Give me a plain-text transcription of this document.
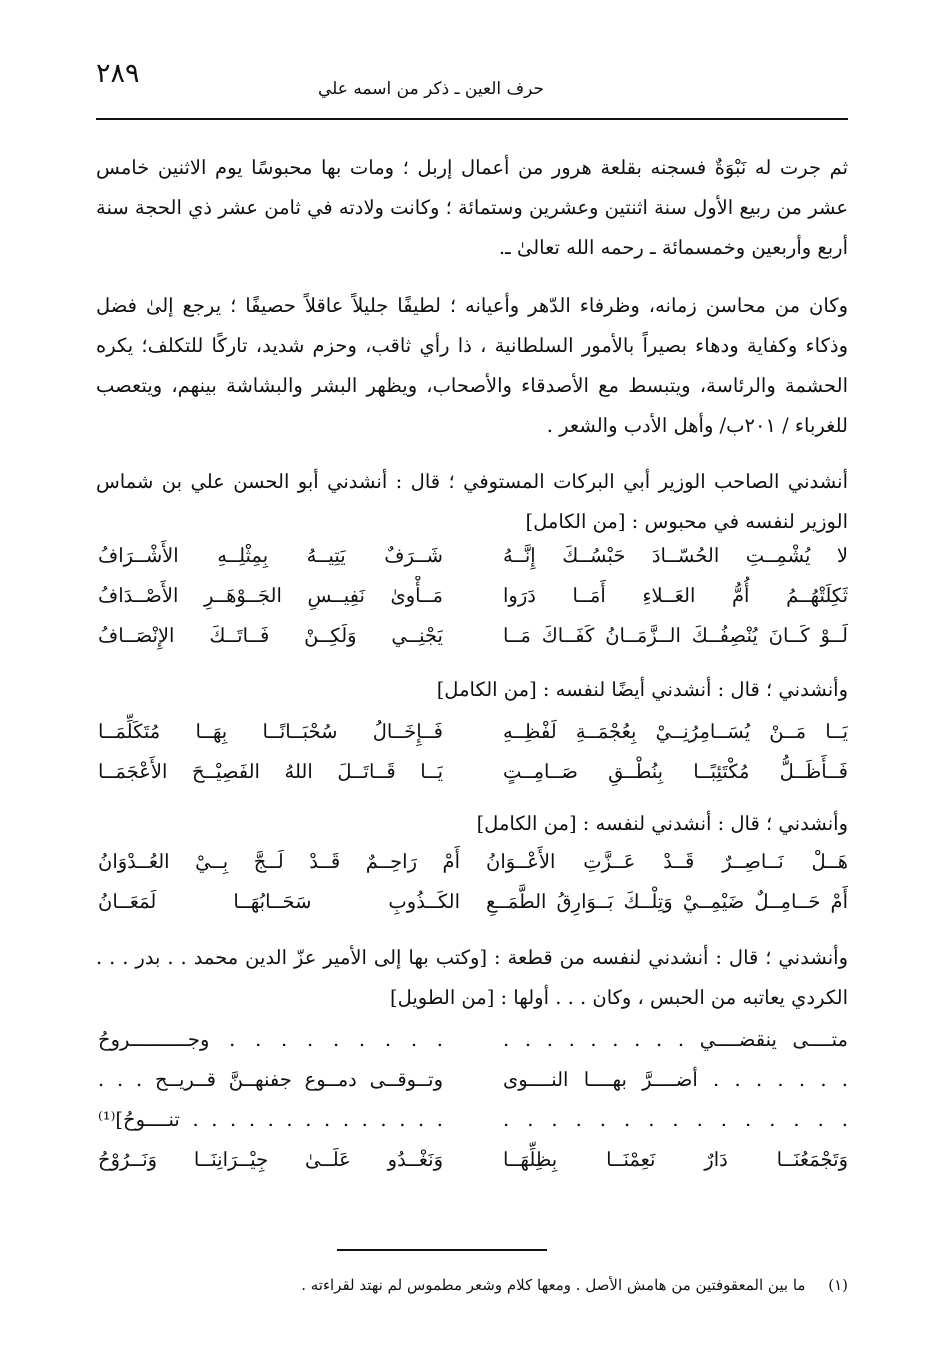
٢٨٩	حرف العين ـ ذكر من اسمه علي

ثم جرت له نَبْوَةٌ فسجنه بقلعة هرور من أعمال إربل ؛ ومات بها محبوسًا يوم الاثنين خامس عشر من ربيع الأول سنة اثنتين وعشرين وستمائة ؛ وكانت ولادته في ثامن عشر ذي الحجة سنة أربع وأربعين وخمسمائة ـ رحمه الله تعالىٰ ـ.

وكان من محاسن زمانه، وظرفاء الدّهر وأعيانه ؛ لطيفًا جليلاً عاقلاً حصيفًا ؛ يرجع إلىٰ فضل وذكاء وكفاية ودهاء بصيراً بالأمور السلطانية ، ذا رأي ثاقب، وحزم شديد، تاركًا للتكلف؛ يكره الحشمة والرئاسة، ويتبسط مع الأصدقاء والأصحاب، ويظهر البشر والبشاشة بينهم، ويتعصب للغرباء / ٢٠١ب/ وأهل الأدب والشعر .

أنشدني الصاحب الوزير أبي البركات المستوفي ؛ قال : أنشدني أبو الحسن علي بن شماس الوزير لنفسه في محبوس : [من الكامل]

لا يُشْمِــتِ الحُسّــادَ حَبْسُــكَ إِنَّــهُ
شَــرَفٌ يَتِيــهُ بِمِثْلِــهِ الأَشْــرَافُ
ثَكِلَتْهُــمُ أُمُّ العَــلاءِ أَمَــا دَرَوا
مَــأْوىٰ نَفِيــسِ الجَــوْهَــرِ الأَصْــدَافُ
لَــوْ كَــانَ يُنْصِفُــكَ الــزَّمَــانُ كَفَــاكَ مَــا
يَجْنِــي وَلَكِــنْ فَــاتَــكَ الإِنْصَــافُ

وأنشدني ؛ قال : أنشدني أيضًا لنفسه : [من الكامل]

يَــا مَــنْ يُسَــامِرُنِــيْ بِعُجْمَــةِ لَفْظِــهِ
فَــإِخَــالُ سُحْبَــانًــا بِهَــا مُتَكَلِّمَــا
فَــأَظَــلُّ مُكْتَئِبًــا بِنُطْــقِ صَــامِــتٍ
يَــا قَــاتَــلَ اللهُ الفَصِيْــحَ الأَعْجَمَــا

وأنشدني ؛ قال : أنشدني لنفسه : [من الكامل]

هَــلْ نَــاصِــرٌ قَــدْ عَــزَّتِ الأَعْــوَانُ
أَمْ رَاحِــمٌ قَــدْ لَــجَّ بِــيْ العُــدْوَانُ
أَمْ حَــامِــلٌ ضَيْمِــيْ وَتِلْــكَ بَــوَارِقُ الطَّمَــعِ
الكَــذُوبِ سَحَــابُهَــا لَمَعَــانُ

وأنشدني ؛ قال : أنشدني لنفسه من قطعة : [وكتب بها إلى الأمير عزّ الدين محمد . . بدر . . . الكردي يعاتبه من الحبس ، وكان . . . أولها : [من الطويل]

متــــى ينقضــــي . . . . . . . . .
. . . . . . . . . وجــــــــــروحُ
. . . . . . . أضــــرَّ بهــــا النــــوى
وتــوقــى دمــوع جفنهــنَّ قــريــح . . .
. . . . . . . . . . . . . . .
. . . . . . . . . . . . . . تنــــوحُ]⁽¹⁾
وَتَجْمَعُنَــا دَارٌ نَعِمْنَــا بِظِلِّهَــا
وَنَغْــدُو عَلَــىٰ جِيْــرَانِنَــا وَنَــرُوْحُ
(١) ما بين المعقوفتين من هامش الأصل . ومعها كلام وشعر مطموس لم نهتد لقراءته .
